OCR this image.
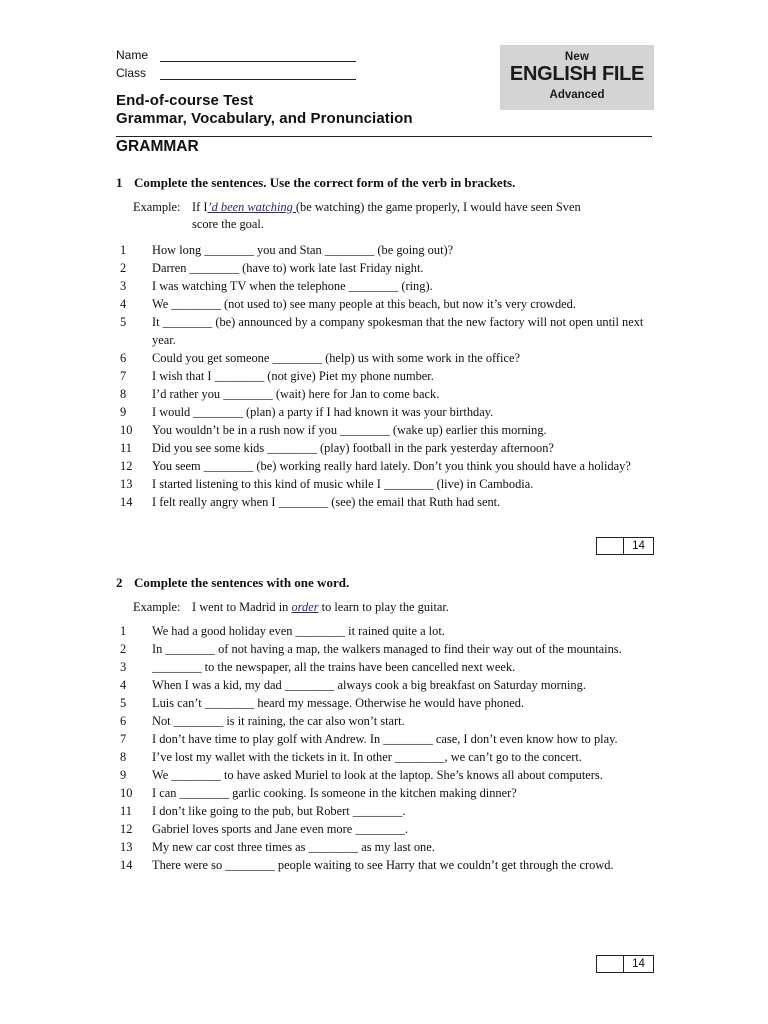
Name
Class
New
ENGLISH FILE
Advanced
End-of-course Test
Grammar, Vocabulary, and Pronunciation
GRAMMAR
1 Complete the sentences. Use the correct form of the verb in brackets.
Example: If I’d been watching (be watching) the game properly, I would have seen Sven
score the goal.
1	How long ________ you and Stan ________ (be going out)?
2	Darren ________ (have to) work late last Friday night.
3	I was watching TV when the telephone ________ (ring).
4	We ________ (not used to) see many people at this beach, but now it’s very crowded.
5	It ________ (be) announced by a company spokesman that the new factory will not open until next year.
6	Could you get someone ________ (help) us with some work in the office?
7	I wish that I ________ (not give) Piet my phone number.
8	I’d rather you ________ (wait) here for Jan to come back.
9	I would ________ (plan) a party if I had known it was your birthday.
10	You wouldn’t be in a rush now if you ________ (wake up) earlier this morning.
11	Did you see some kids ________ (play) football in the park yesterday afternoon?
12	You seem ________ (be) working really hard lately. Don’t you think you should have a holiday?
13	I started listening to this kind of music while I ________ (live) in Cambodia.
14	I felt really angry when I ________ (see) the email that Ruth had sent.
14
2 Complete the sentences with one word.
Example: I went to Madrid in order to learn to play the guitar.
1	We had a good holiday even ________ it rained quite a lot.
2	In ________ of not having a map, the walkers managed to find their way out of the mountains.
3	________ to the newspaper, all the trains have been cancelled next week.
4	When I was a kid, my dad ________ always cook a big breakfast on Saturday morning.
5	Luis can’t ________ heard my message. Otherwise he would have phoned.
6	Not ________ is it raining, the car also won’t start.
7	I don’t have time to play golf with Andrew. In ________ case, I don’t even know how to play.
8	I’ve lost my wallet with the tickets in it. In other ________, we can’t go to the concert.
9	We ________ to have asked Muriel to look at the laptop. She’s knows all about computers.
10	I can ________ garlic cooking. Is someone in the kitchen making dinner?
11	I don’t like going to the pub, but Robert ________.
12	Gabriel loves sports and Jane even more ________.
13	My new car cost three times as ________ as my last one.
14	There were so ________ people waiting to see Harry that we couldn’t get through the crowd.
14
